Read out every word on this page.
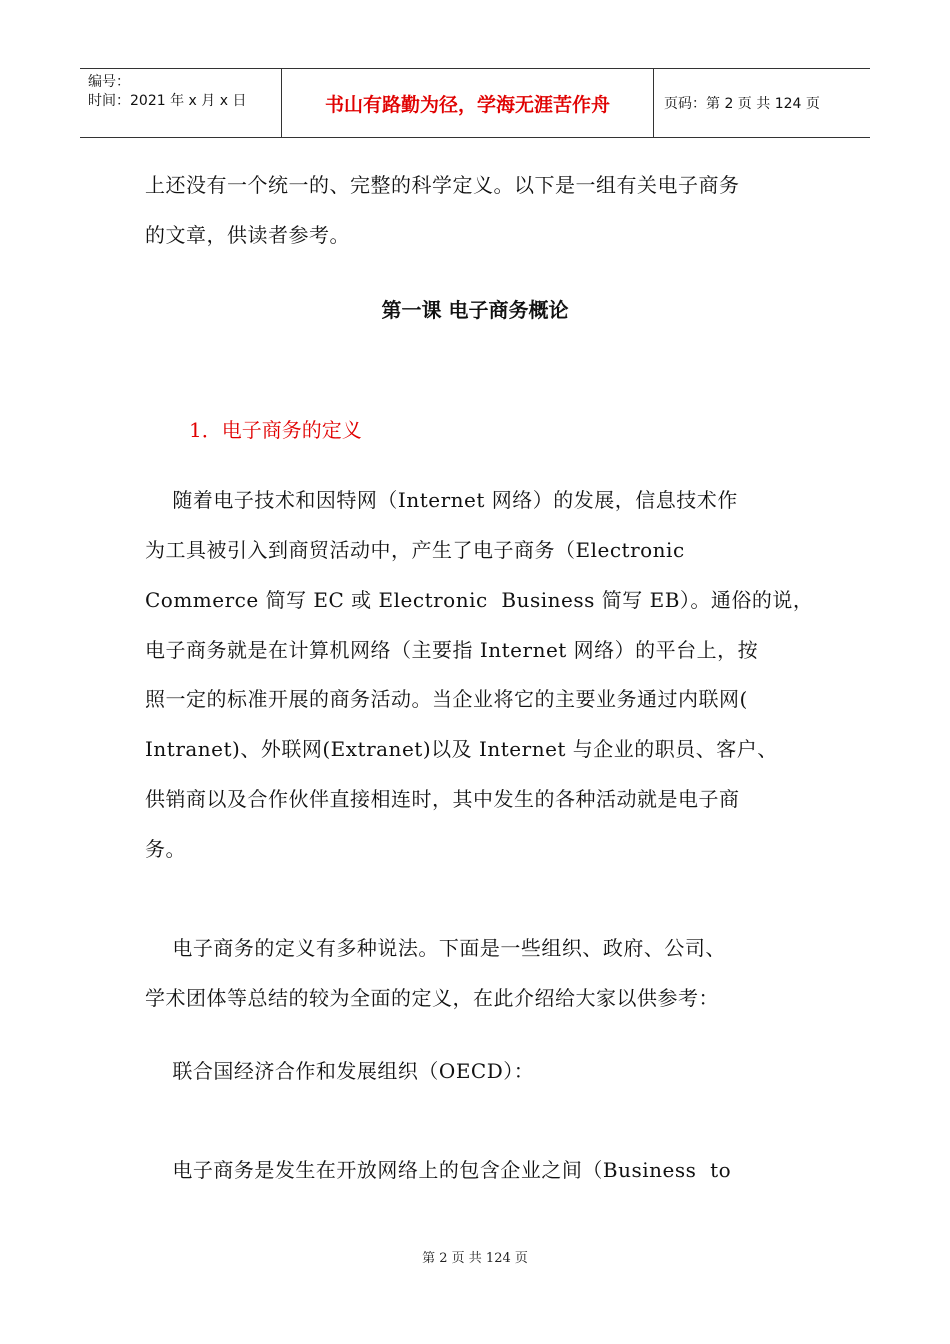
编号：
时间：2021 年 x 月 x 日	书山有路勤为径，学海无涯苦作舟	页码：第 2 页 共 124 页
上还没有一个统一的、完整的科学定义。以下是一组有关电子商务
的文章，供读者参考。
第一课 电子商务概论
1．电子商务的定义
随着电子技术和因特网（Internet 网络）的发展，信息技术作
为工具被引入到商贸活动中，产生了电子商务（Electronic
Commerce 简写 EC 或 Electronic  Business 简写 EB）。通俗的说，
电子商务就是在计算机网络（主要指 Internet 网络）的平台上，按
照一定的标准开展的商务活动。当企业将它的主要业务通过内联网(
Intranet)、外联网(Extranet)以及 Internet 与企业的职员、客户、
供销商以及合作伙伴直接相连时，其中发生的各种活动就是电子商
务。
电子商务的定义有多种说法。下面是一些组织、政府、公司、
学术团体等总结的较为全面的定义，在此介绍给大家以供参考：
联合国经济合作和发展组织（OECD）：
电子商务是发生在开放网络上的包含企业之间（Business  to
第 2 页 共 124 页
